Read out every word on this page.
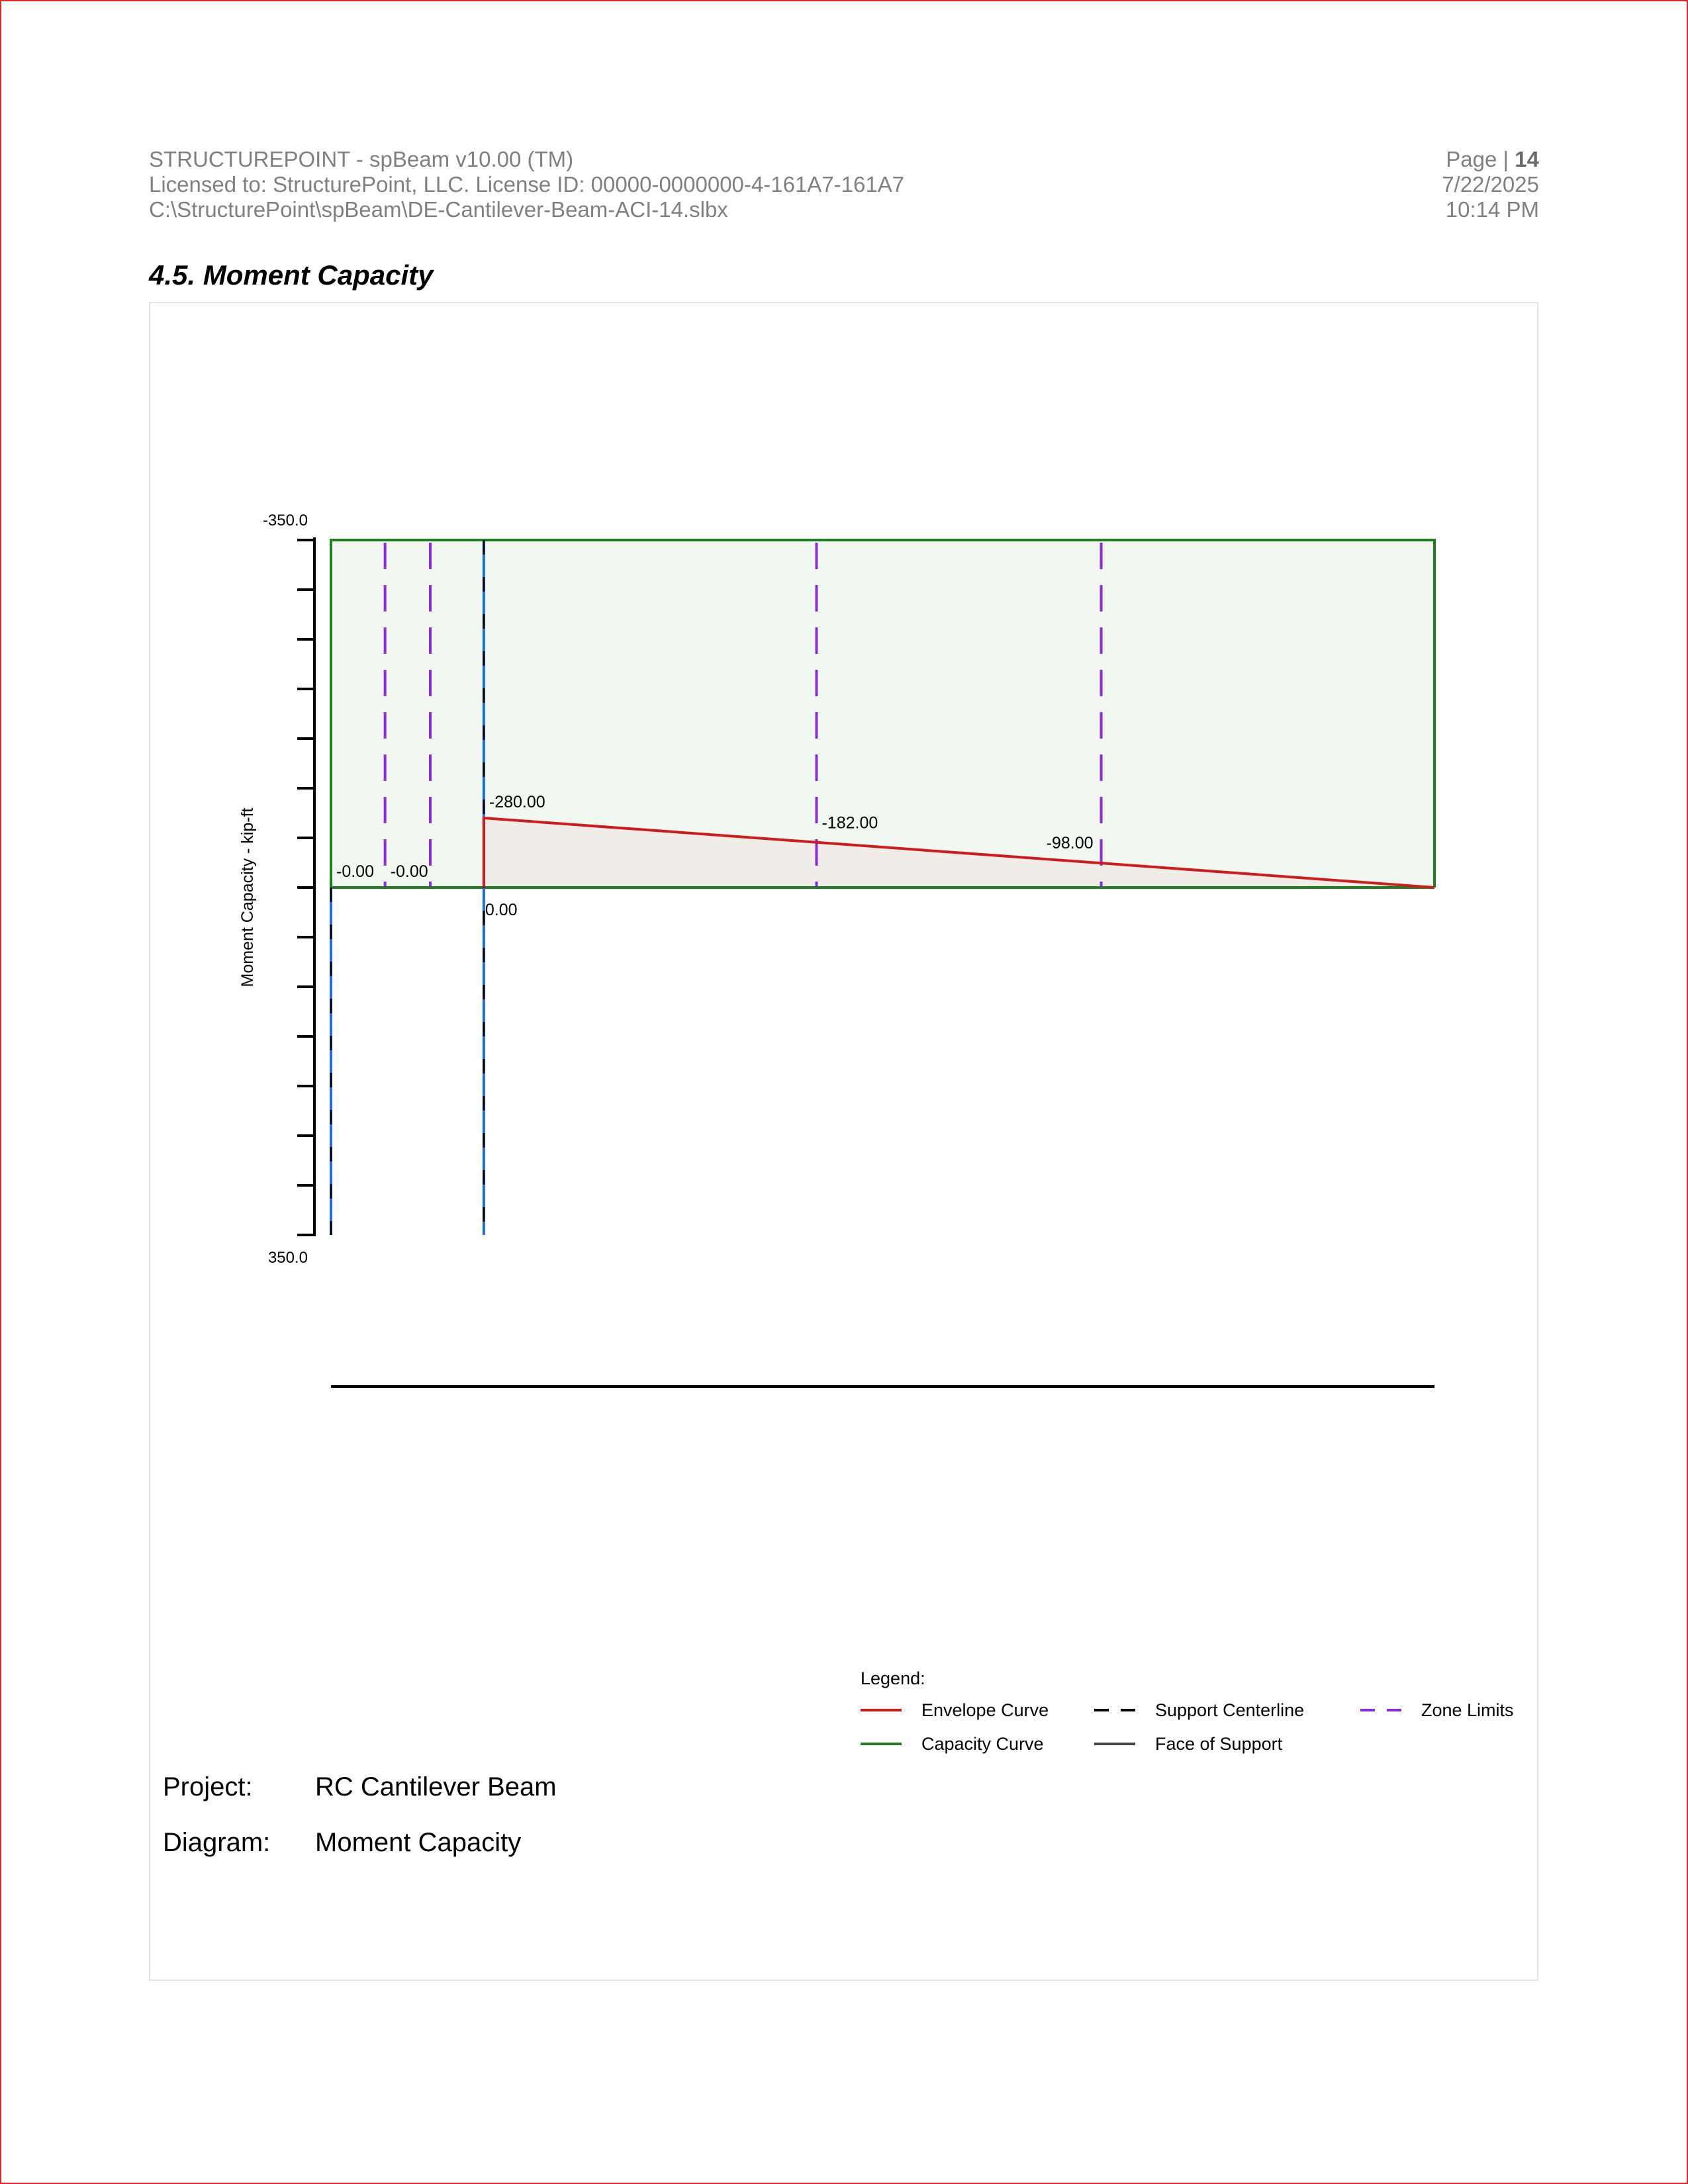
STRUCTUREPOINT - spBeam v10.00 (TM)
Licensed to: StructurePoint, LLC. License ID: 00000-0000000-4-161A7-161A7
C:\StructurePoint\spBeam\DE-Cantilever-Beam-ACI-14.slbx
Page | 14
7/22/2025
10:14 PM
4.5. Moment Capacity
-350.0
350.0
-0.00 -0.00
-280.00
0.00
-182.00
-98.00
Moment Capacity - kip-ft
Legend:
Envelope Curve	Support Centerline	Zone Limits
Capacity Curve	Face of Support
Project: RC Cantilever Beam
Diagram: Moment Capacity
